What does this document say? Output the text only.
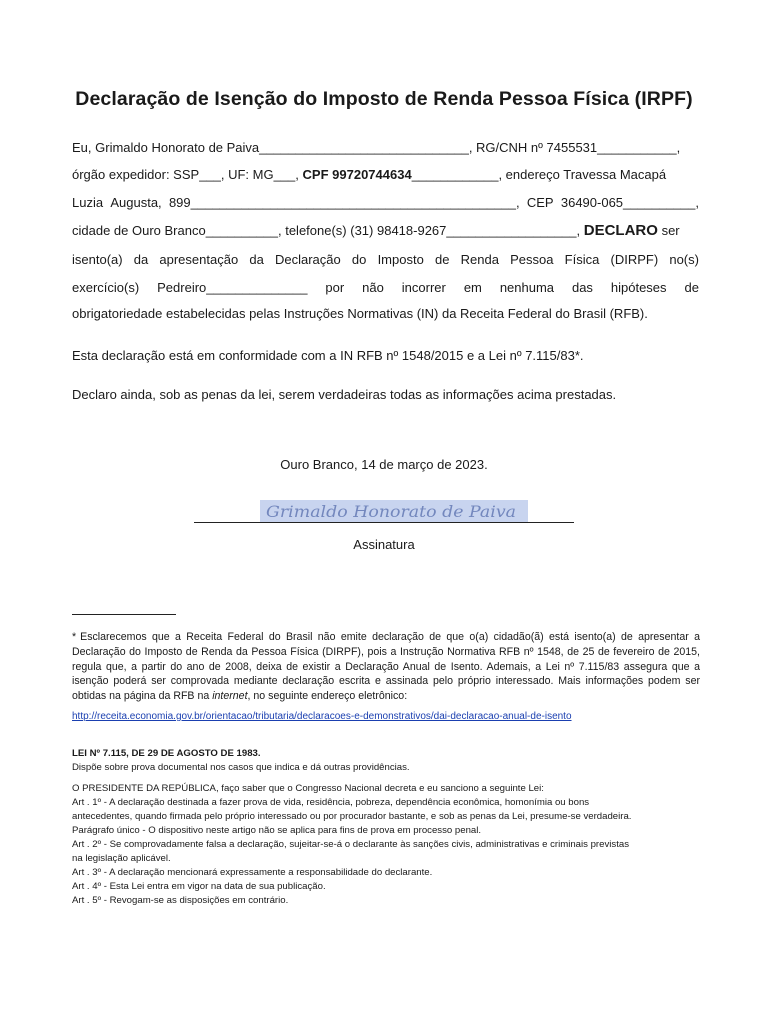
Declaração de Isenção do Imposto de Renda Pessoa Física (IRPF)
Eu, Grimaldo Honorato de Paiva_____________________________, RG/CNH nº 7455531___________,
órgão expedidor: SSP___, UF: MG___, CPF 99720744634____________, endereço Travessa Macapá
Luzia Augusta, 899_____________________________________________, CEP 36490-065__________,
cidade de Ouro Branco__________, telefone(s) (31) 98418-9267__________________, DECLARO ser
isento(a) da apresentação da Declaração do Imposto de Renda Pessoa Física (DIRPF) no(s)
exercício(s) Pedreiro______________ por não incorrer em nenhuma das hipóteses de
obrigatoriedade estabelecidas pelas Instruções Normativas (IN) da Receita Federal do Brasil (RFB).
Esta declaração está em conformidade com a IN RFB nº 1548/2015 e a Lei nº 7.115/83*.
Declaro ainda, sob as penas da lei, serem verdadeiras todas as informações acima prestadas.
Ouro Branco, 14 de março de 2023.
Grimaldo Honorato de Paiva
Assinatura
* Esclarecemos que a Receita Federal do Brasil não emite declaração de que o(a) cidadão(ã) está isento(a) de apresentar a Declaração do Imposto de Renda da Pessoa Física (DIRPF), pois a Instrução Normativa RFB nº 1548, de 25 de fevereiro de 2015, regula que, a partir do ano de 2008, deixa de existir a Declaração Anual de Isento. Ademais, a Lei nº 7.115/83 assegura que a isenção poderá ser comprovada mediante declaração escrita e assinada pelo próprio interessado. Mais informações podem ser obtidas na página da RFB na internet, no seguinte endereço eletrônico:
http://receita.economia.gov.br/orientacao/tributaria/declaracoes-e-demonstrativos/dai-declaracao-anual-de-isento
LEI Nº 7.115, DE 29 DE AGOSTO DE 1983.
Dispõe sobre prova documental nos casos que indica e dá outras providências.
O PRESIDENTE DA REPÚBLICA, faço saber que o Congresso Nacional decreta e eu sanciono a seguinte Lei:
Art . 1º - A declaração destinada a fazer prova de vida, residência, pobreza, dependência econômica, homonímia ou bons
antecedentes, quando firmada pelo próprio interessado ou por procurador bastante, e sob as penas da Lei, presume-se verdadeira.
Parágrafo único - O dispositivo neste artigo não se aplica para fins de prova em processo penal.
Art . 2º - Se comprovadamente falsa a declaração, sujeitar-se-á o declarante às sanções civis, administrativas e criminais previstas
na legislação aplicável.
Art . 3º - A declaração mencionará expressamente a responsabilidade do declarante.
Art . 4º - Esta Lei entra em vigor na data de sua publicação.
Art . 5º - Revogam-se as disposições em contrário.
